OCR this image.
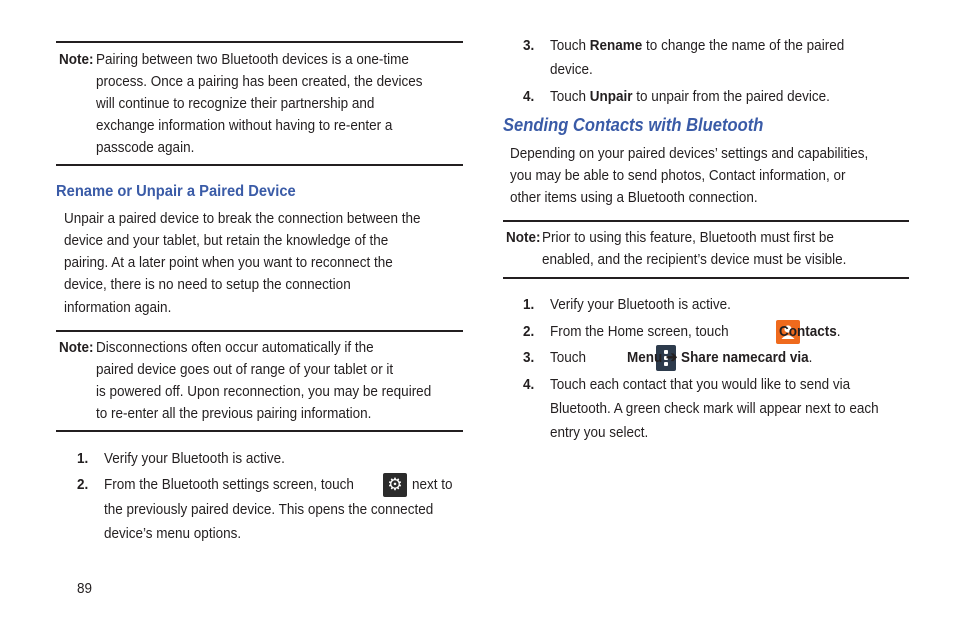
Note: Pairing between two Bluetooth devices is a one-time
process. Once a pairing has been created, the devices
will continue to recognize their partnership and
exchange information without having to re-enter a
passcode again.
Rename or Unpair a Paired Device
Unpair a paired device to break the connection between the
device and your tablet, but retain the knowledge of the
pairing. At a later point when you want to reconnect the
device, there is no need to setup the connection
information again.
Note: Disconnections often occur automatically if the
paired device goes out of range of your tablet or it
is powered off. Upon reconnection, you may be required
to re-enter all the previous pairing information.
1. Verify your Bluetooth is active.
2. From the Bluetooth settings screen, touch ⚙
next to
the previously paired device. This opens the connected
device’s menu options.
89
3. Touch Rename to change the name of the paired
device.
4. Touch Unpair to unpair from the paired device.
Sending Contacts with Bluetooth
Depending on your paired devices’ settings and capabilities,
you may be able to send photos, Contact information, or
other items using a Bluetooth connection.
Note: Prior to using this feature, Bluetooth must first be
enabled, and the recipient’s device must be visible.
1. Verify your Bluetooth is active.
2. From the Home screen, touch
	Contacts.
3. Touch	Menu ➔ Share namecard via.
4. Touch each contact that you would like to send via
Bluetooth. A green check mark will appear next to each
entry you select.
